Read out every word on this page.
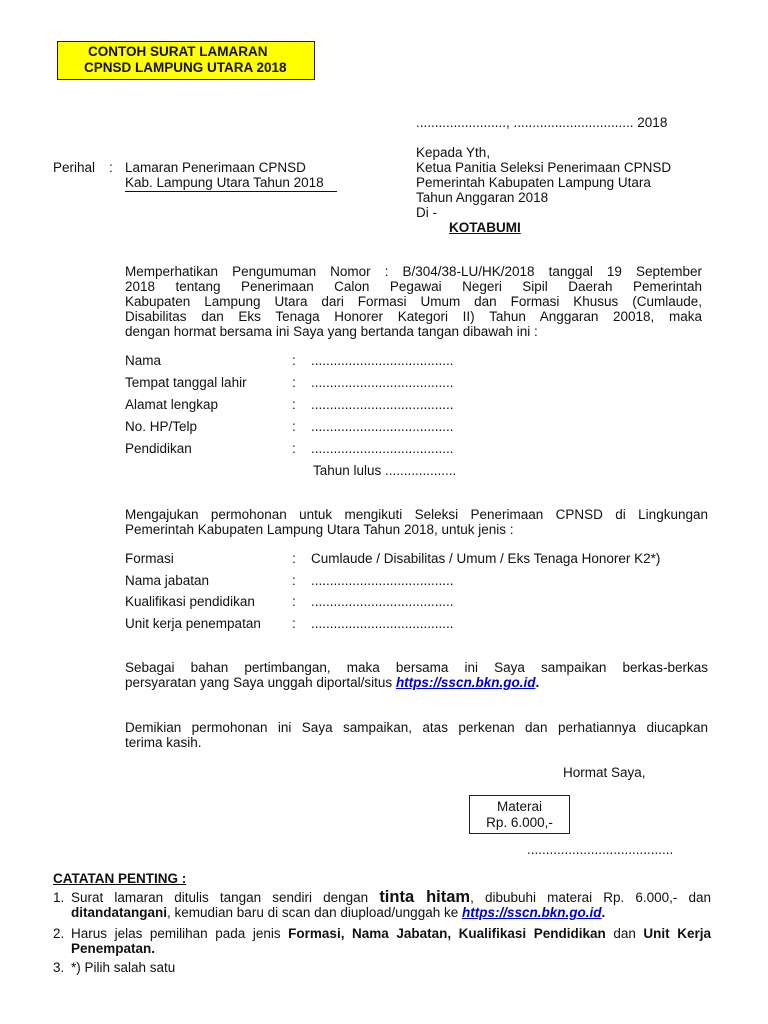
CONTOH SURAT LAMARAN
CPNSD LAMPUNG UTARA 2018
........................, ................................ 2018
Perihal : Lamaran Penerimaan CPNSD
Kab. Lampung Utara Tahun 2018
Kepada Yth,
Ketua Panitia Seleksi Penerimaan CPNSD
Pemerintah Kabupaten Lampung Utara
Tahun Anggaran 2018
Di -
KOTABUMI
Memperhatikan Pengumuman Nomor : B/304/38-LU/HK/2018 tanggal 19 September
2018 tentang Penerimaan Calon Pegawai Negeri Sipil Daerah Pemerintah
Kabupaten Lampung Utara dari Formasi Umum dan Formasi Khusus (Cumlaude,
Disabilitas dan Eks Tenaga Honorer Kategori II) Tahun Anggaran 20018, maka
dengan hormat bersama ini Saya yang bertanda tangan dibawah ini :
Nama	: ......................................
Tempat tanggal lahir	: ......................................
Alamat lengkap	: ......................................
No. HP/Telp	: ......................................
Pendidikan	: ......................................
Tahun lulus ...................
Mengajukan permohonan untuk mengikuti Seleksi Penerimaan CPNSD di Lingkungan
Pemerintah Kabupaten Lampung Utara Tahun 2018, untuk jenis :
Formasi	: Cumlaude / Disabilitas / Umum / Eks Tenaga Honorer K2*)
Nama jabatan	: ......................................
Kualifikasi pendidikan	: ......................................
Unit kerja penempatan : ......................................
Sebagai bahan pertimbangan, maka bersama ini Saya sampaikan berkas-berkas
persyaratan yang Saya unggah diportal/situs https://sscn.bkn.go.id.
Demikian permohonan ini Saya sampaikan, atas perkenan dan perhatiannya diucapkan
terima kasih.
Hormat Saya,
Materai
Rp. 6.000,-
.......................................
CATATAN PENTING :
1. Surat lamaran ditulis tangan sendiri dengan tinta hitam, dibubuhi materai Rp. 6.000,- dan
ditandatangani, kemudian baru di scan dan diupload/unggah ke https://sscn.bkn.go.id.
2. Harus jelas pemilihan pada jenis Formasi, Nama Jabatan, Kualifikasi Pendidikan dan Unit Kerja
Penempatan.
3. *) Pilih salah satu
